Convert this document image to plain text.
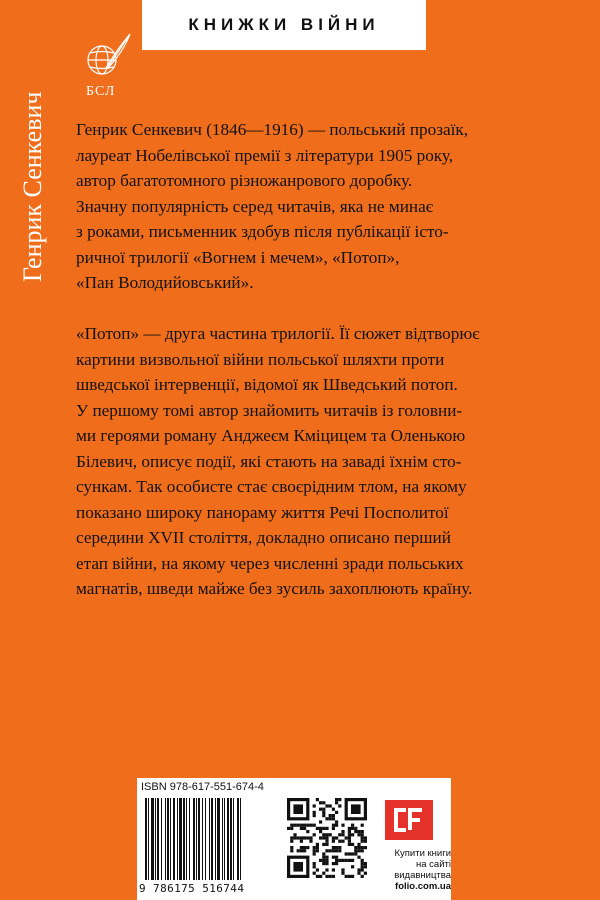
КНИЖКИ ВІЙНИ
БСЛ
Генрик Сенкевич Генрик Сенкевич (1846—1916) — польський прозаїк,
лауреат Нобелівської премії з літератури 1905 року,
автор багатотомного різножанрового доробку.
Значну популярність серед читачів, яка не минає
з роками, письменник здобув після публікації істо-
ричної трилогії «Вогнем і мечем», «Потоп»,
«Пан Володийовський».
«Потоп» — друга частина трилогії. Її сюжет відтворює
картини визвольної війни польської шляхти проти
шведської інтервенції, відомої як Шведський потоп.
У першому томі автор знайомить читачів із головни-
ми героями роману Анджеєм Кміцицем та Оленькою
Білевич, описує події, які стають на заваді їхнім сто-
сункам. Так особисте стає своєрідним тлом, на якому
показано широку панораму життя Речі Посполитої
середини XVII століття, докладно описано перший
етап війни, на якому через численні зради польських
магнатів, шведи майже без зусиль захоплюють країну.
ISBN 978-617-551-674-4
9 786175 516744
Купити книги
на сайті
видавництва
folio.com.ua
